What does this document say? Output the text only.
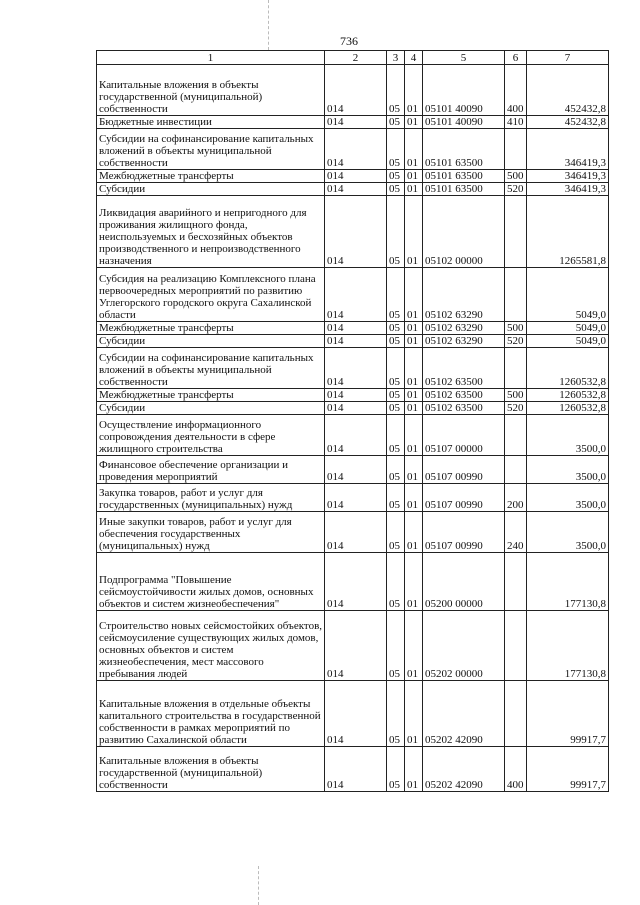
736
1	2	3	4	5	6	7
Капитальные вложения в объекты государственной (муниципальной) собственности	014	05	01	05101 40090	400	452432,8
Бюджетные инвестиции	014	05	01	05101 40090	410	452432,8
Субсидии на софинансирование капитальных вложений в объекты муниципальной собственности	014	05	01	05101 63500		346419,3
Межбюджетные трансферты	014	05	01	05101 63500	500	346419,3
Субсидии	014	05	01	05101 63500	520	346419,3
Ликвидация аварийного и непригодного для проживания жилищного фонда, неиспользуемых и бесхозяйных объектов производственного и непроизводственного назначения	014	05	01	05102 00000		1265581,8
Субсидия на реализацию Комплексного плана первоочередных мероприятий по развитию Углегорского городского округа Сахалинской области	014	05	01	05102 63290		5049,0
Межбюджетные трансферты	014	05	01	05102 63290	500	5049,0
Субсидии	014	05	01	05102 63290	520	5049,0
Субсидии на софинансирование капитальных вложений в объекты муниципальной собственности	014	05	01	05102 63500		1260532,8
Межбюджетные трансферты	014	05	01	05102 63500	500	1260532,8
Субсидии	014	05	01	05102 63500	520	1260532,8
Осуществление информационного сопровождения деятельности в сфере жилищного строительства	014	05	01	05107 00000		3500,0
Финансовое обеспечение организации и проведения мероприятий	014	05	01	05107 00990		3500,0
Закупка товаров, работ и услуг для государственных (муниципальных) нужд	014	05	01	05107 00990	200	3500,0
Иные закупки товаров, работ и услуг для обеспечения государственных (муниципальных) нужд	014	05	01	05107 00990	240	3500,0
Подпрограмма "Повышение сейсмоустойчивости жилых домов, основных объектов и систем жизнеобеспечения"	014	05	01	05200 00000		177130,8
Строительство новых сейсмостойких объектов, сейсмоусиление существующих жилых домов, основных объектов и систем жизнеобеспечения, мест массового пребывания людей	014	05	01	05202 00000		177130,8
Капитальные вложения в отдельные объекты капитального строительства в государственной собственности в рамках мероприятий по развитию Сахалинской области	014	05	01	05202 42090		99917,7
Капитальные вложения в объекты государственной (муниципальной) собственности	014	05	01	05202 42090	400	99917,7
